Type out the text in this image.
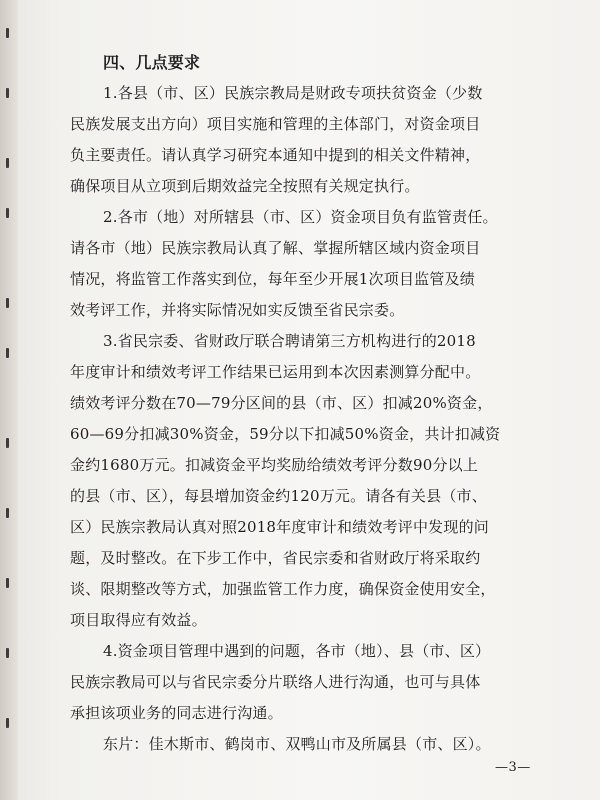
四、几点要求

1.各县（市、区）民族宗教局是财政专项扶贫资金（少数
民族发展支出方向）项目实施和管理的主体部门，对资金项目
负主要责任。请认真学习研究本通知中提到的相关文件精神，
确保项目从立项到后期效益完全按照有关规定执行。

2.各市（地）对所辖县（市、区）资金项目负有监管责任。
请各市（地）民族宗教局认真了解、掌握所辖区域内资金项目
情况，将监管工作落实到位，每年至少开展1次项目监管及绩
效考评工作，并将实际情况如实反馈至省民宗委。

3.省民宗委、省财政厅联合聘请第三方机构进行的2018
年度审计和绩效考评工作结果已运用到本次因素测算分配中。
绩效考评分数在70—79分区间的县（市、区）扣减20%资金，
60—69分扣减30%资金，59分以下扣减50%资金，共计扣减资
金约1680万元。扣减资金平均奖励给绩效考评分数90分以上
的县（市、区），每县增加资金约120万元。请各有关县（市、
区）民族宗教局认真对照2018年度审计和绩效考评中发现的问
题，及时整改。在下步工作中，省民宗委和省财政厅将采取约
谈、限期整改等方式，加强监管工作力度，确保资金使用安全，
项目取得应有效益。

4.资金项目管理中遇到的问题，各市（地）、县（市、区）
民族宗教局可以与省民宗委分片联络人进行沟通，也可与具体
承担该项业务的同志进行沟通。

东片：佳木斯市、鹤岗市、双鸭山市及所属县（市、区）。

—3—
